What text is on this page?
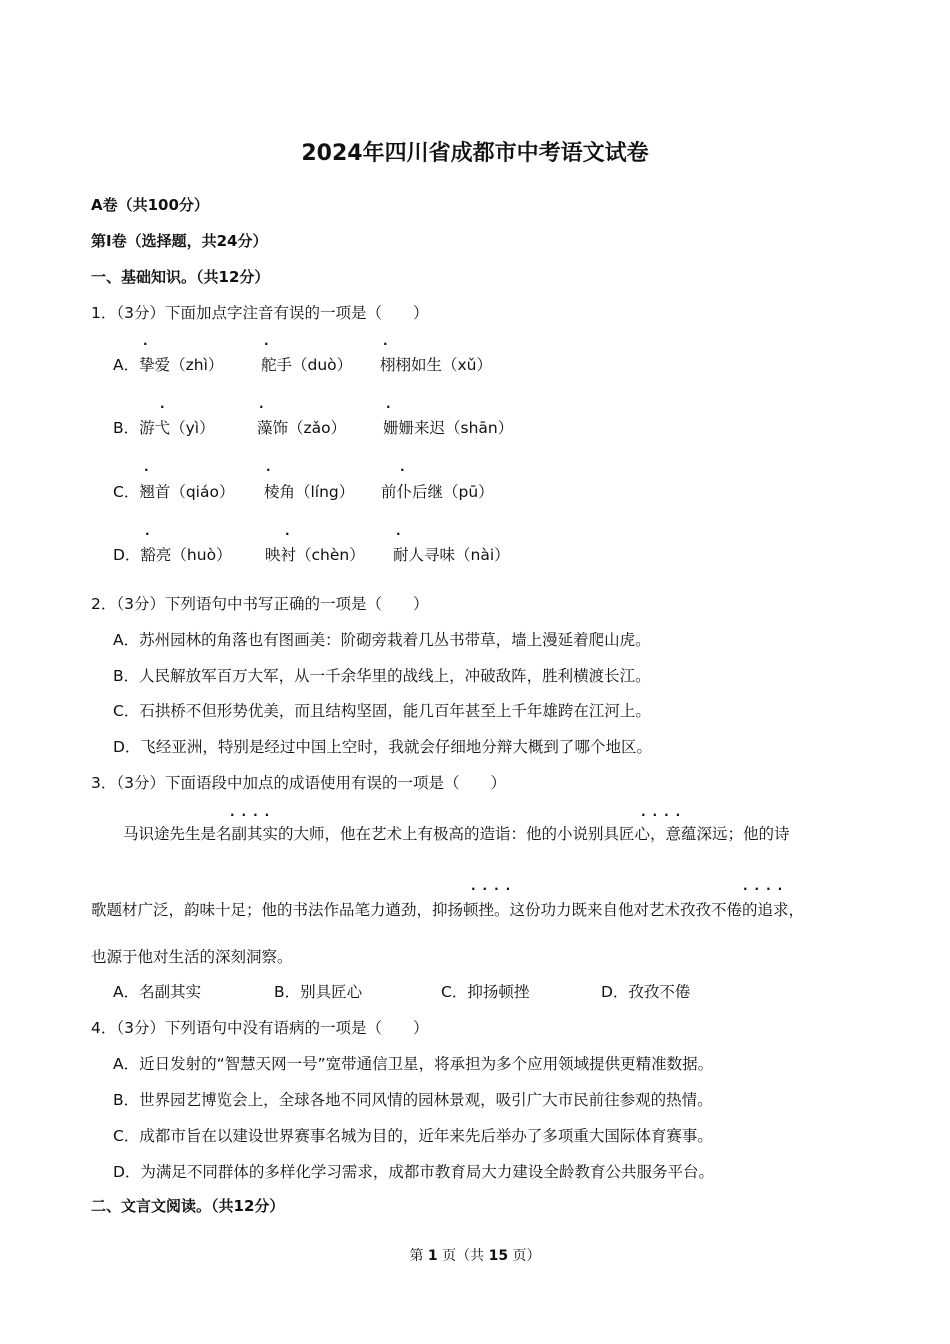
2024年四川省成都市中考语文试卷
A卷（共100分）
第Ⅰ卷（选择题，共24分）
一、基础知识。（共12分）
1．（3分）下面加点字注音有误的一项是（　　）
.	.	.
A．挚爱（zhì） 舵手（duò） 栩栩如生（xǔ）
.	.	.
B．游弋（yì）	藻饰（zǎo） 姗姗来迟（shān）
.	.	.
C．翘首（qiáo） 棱角（líng） 前仆后继（pū）
.	.	.
D．豁亮（huò） 映衬（chèn） 耐人寻味（nài）
2．（3分）下列语句中书写正确的一项是（　　）
A．苏州园林的角落也有图画美：阶砌旁栽着几丛书带草，墙上漫延着爬山虎。
B．人民解放军百万大军，从一千余华里的战线上，冲破敌阵，胜利横渡长江。
C．石拱桥不但形势优美，而且结构坚固，能几百年甚至上千年雄跨在江河上。
D．飞经亚洲，特别是经过中国上空时，我就会仔细地分辩大概到了哪个地区。
3．（3分）下面语段中加点的成语使用有误的一项是（　　）
....	....
马识途先生是名副其实的大师，他在艺术上有极高的造诣：他的小说别具匠心，意蕴深远；他的诗
....	....
歌题材广泛，韵味十足；他的书法作品笔力遒劲，抑扬顿挫。这份功力既来自他对艺术孜孜不倦的追求，
也源于他对生活的深刻洞察。
A．名副其实	B．别具匠心	C．抑扬顿挫	D．孜孜不倦
4．（3分）下列语句中没有语病的一项是（　　）
A．近日发射的“智慧天网一号”宽带通信卫星，将承担为多个应用领域提供更精准数据。
B．世界园艺博览会上，全球各地不同风情的园林景观，吸引广大市民前往参观的热情。
C．成都市旨在以建设世界赛事名城为目的，近年来先后举办了多项重大国际体育赛事。
D．为满足不同群体的多样化学习需求，成都市教育局大力建设全龄教育公共服务平台。
二、文言文阅读。（共12分）
第 1 页（共 15 页）
